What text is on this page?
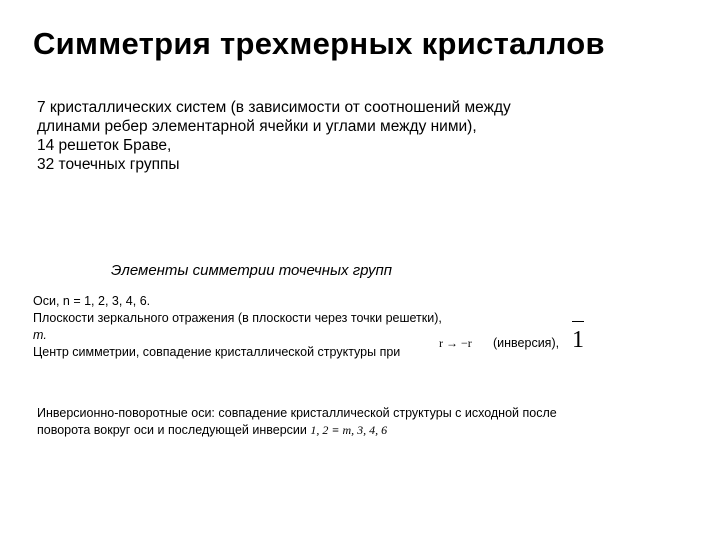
Симметрия трехмерных кристаллов
7 кристаллических систем (в зависимости от соотношений между
длинами ребер элементарной ячейки и углами между ними),
14 решеток Браве,
32 точечных группы
Элементы симметрии точечных групп
Оси, n = 1, 2, 3, 4, 6.
Плоскости зеркального отражения (в плоскости через точки решетки),
m.
Центр симметрии, совпадение кристаллической структуры при
r → −r (инверсия), 1
Инверсионно-поворотные оси: совпадение кристаллической структуры с исходной после
поворота вокруг оси и последующей инверсии 1, 2 ≡ m, 3, 4, 6
